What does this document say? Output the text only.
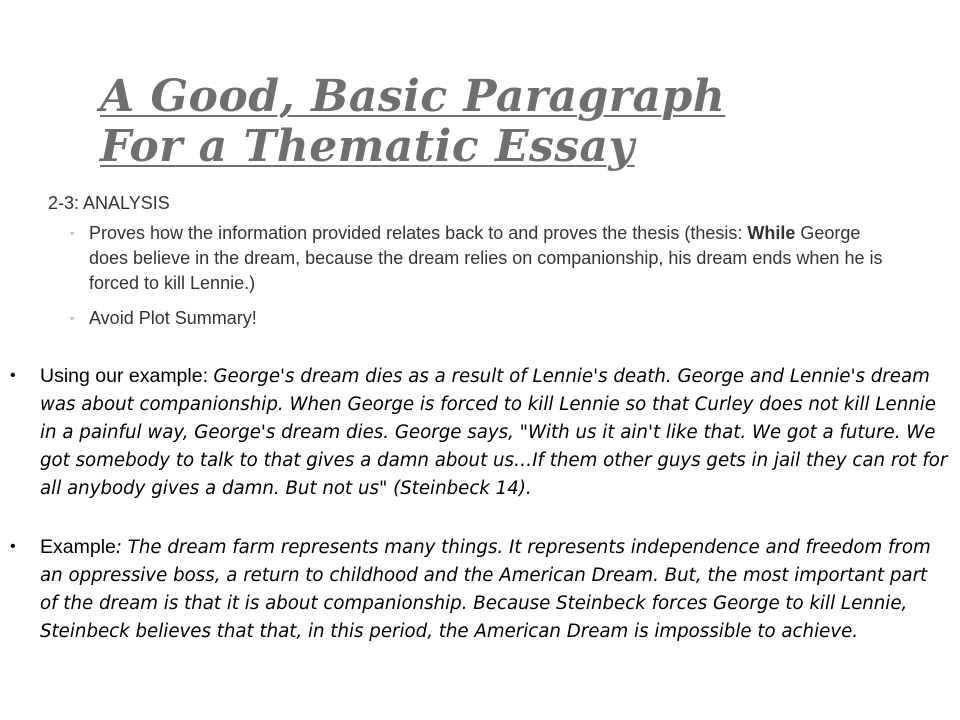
A Good, Basic Paragraph
For a Thematic Essay
2-3: ANALYSIS
◦ Proves how the information provided relates back to and proves the thesis (thesis: While George does believe in the dream, because the dream relies on companionship, his dream ends when he is forced to kill Lennie.)
◦ Avoid Plot Summary!
• Using our example: George's dream dies as a result of Lennie's death. George and Lennie's dream was about companionship. When George is forced to kill Lennie so that Curley does not kill Lennie in a painful way, George's dream dies. George says, "With us it ain't like that. We got a future. We got somebody to talk to that gives a damn about us…If them other guys gets in jail they can rot for all anybody gives a damn. But not us" (Steinbeck 14).
• Example: The dream farm represents many things. It represents independence and freedom from an oppressive boss, a return to childhood and the American Dream. But, the most important part of the dream is that it is about companionship. Because Steinbeck forces George to kill Lennie, Steinbeck believes that that, in this period, the American Dream is impossible to achieve.
